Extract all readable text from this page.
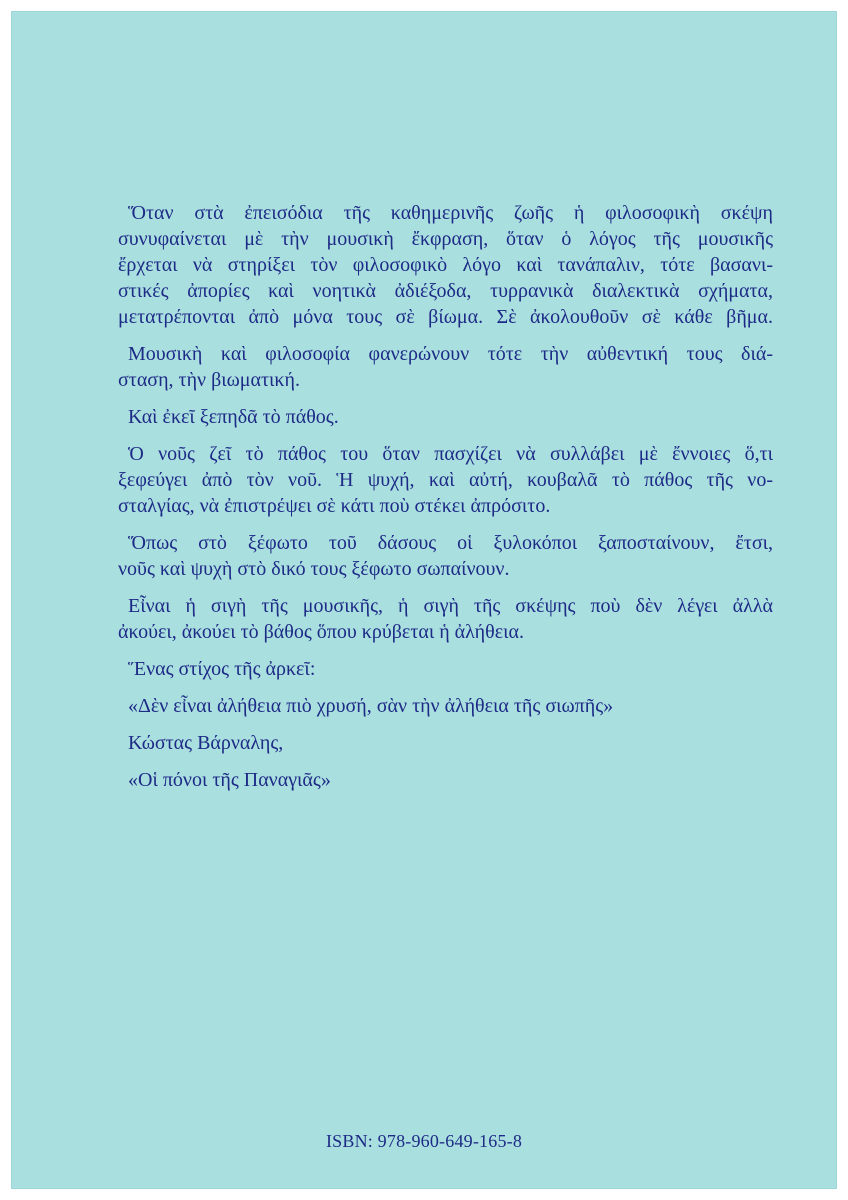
Ὅταν στὰ ἐπεισόδια τῆς καθημερινῆς ζωῆς ἡ φιλοσοφικὴ σκέψη
συνυφαίνεται μὲ τὴν μουσικὴ ἔκφραση, ὅταν ὁ λόγος τῆς μουσικῆς
ἔρχεται νὰ στηρίξει τὸν φιλοσοφικὸ λόγο καὶ τανάπαλιν, τότε βασανι-
στικές ἀπορίες καὶ νοητικὰ ἀδιέξοδα, τυρρανικὰ διαλεκτικὰ σχήματα,
μετατρέπονται ἀπὸ μόνα τους σὲ βίωμα. Σὲ ἀκολουθοῦν σὲ κάθε βῆμα.
Μουσικὴ καὶ φιλοσοφία φανερώνουν τότε τὴν αὐθεντική τους διά-
σταση, τὴν βιωματική.
Καὶ ἐκεῖ ξεπηδᾶ τὸ πάθος.
Ὁ νοῦς ζεῖ τὸ πάθος του ὅταν πασχίζει νὰ συλλάβει μὲ ἔννοιες ὅ,τι
ξεφεύγει ἀπὸ τὸν νοῦ. Ἡ ψυχή, καὶ αὐτή, κουβαλᾶ τὸ πάθος τῆς νο-
σταλγίας, νὰ ἐπιστρέψει σὲ κάτι ποὺ στέκει ἀπρόσιτο.
Ὅπως στὸ ξέφωτο τοῦ δάσους οἱ ξυλοκόποι ξαποσταίνουν, ἔτσι,
νοῦς καὶ ψυχὴ στὸ δικό τους ξέφωτο σωπαίνουν.
Εἶναι ἡ σιγὴ τῆς μουσικῆς, ἡ σιγὴ τῆς σκέψης ποὺ δὲν λέγει ἀλλὰ
ἀκούει, ἀκούει τὸ βάθος ὅπου κρύβεται ἡ ἀλήθεια.
Ἕνας στίχος τῆς ἀρκεῖ:
«Δὲν εἶναι ἀλήθεια πιὸ χρυσή, σὰν τὴν ἀλήθεια τῆς σιωπῆς»
Κώστας Βάρναλης,
«Οἱ πόνοι τῆς Παναγιᾶς»
ISBN: 978-960-649-165-8
